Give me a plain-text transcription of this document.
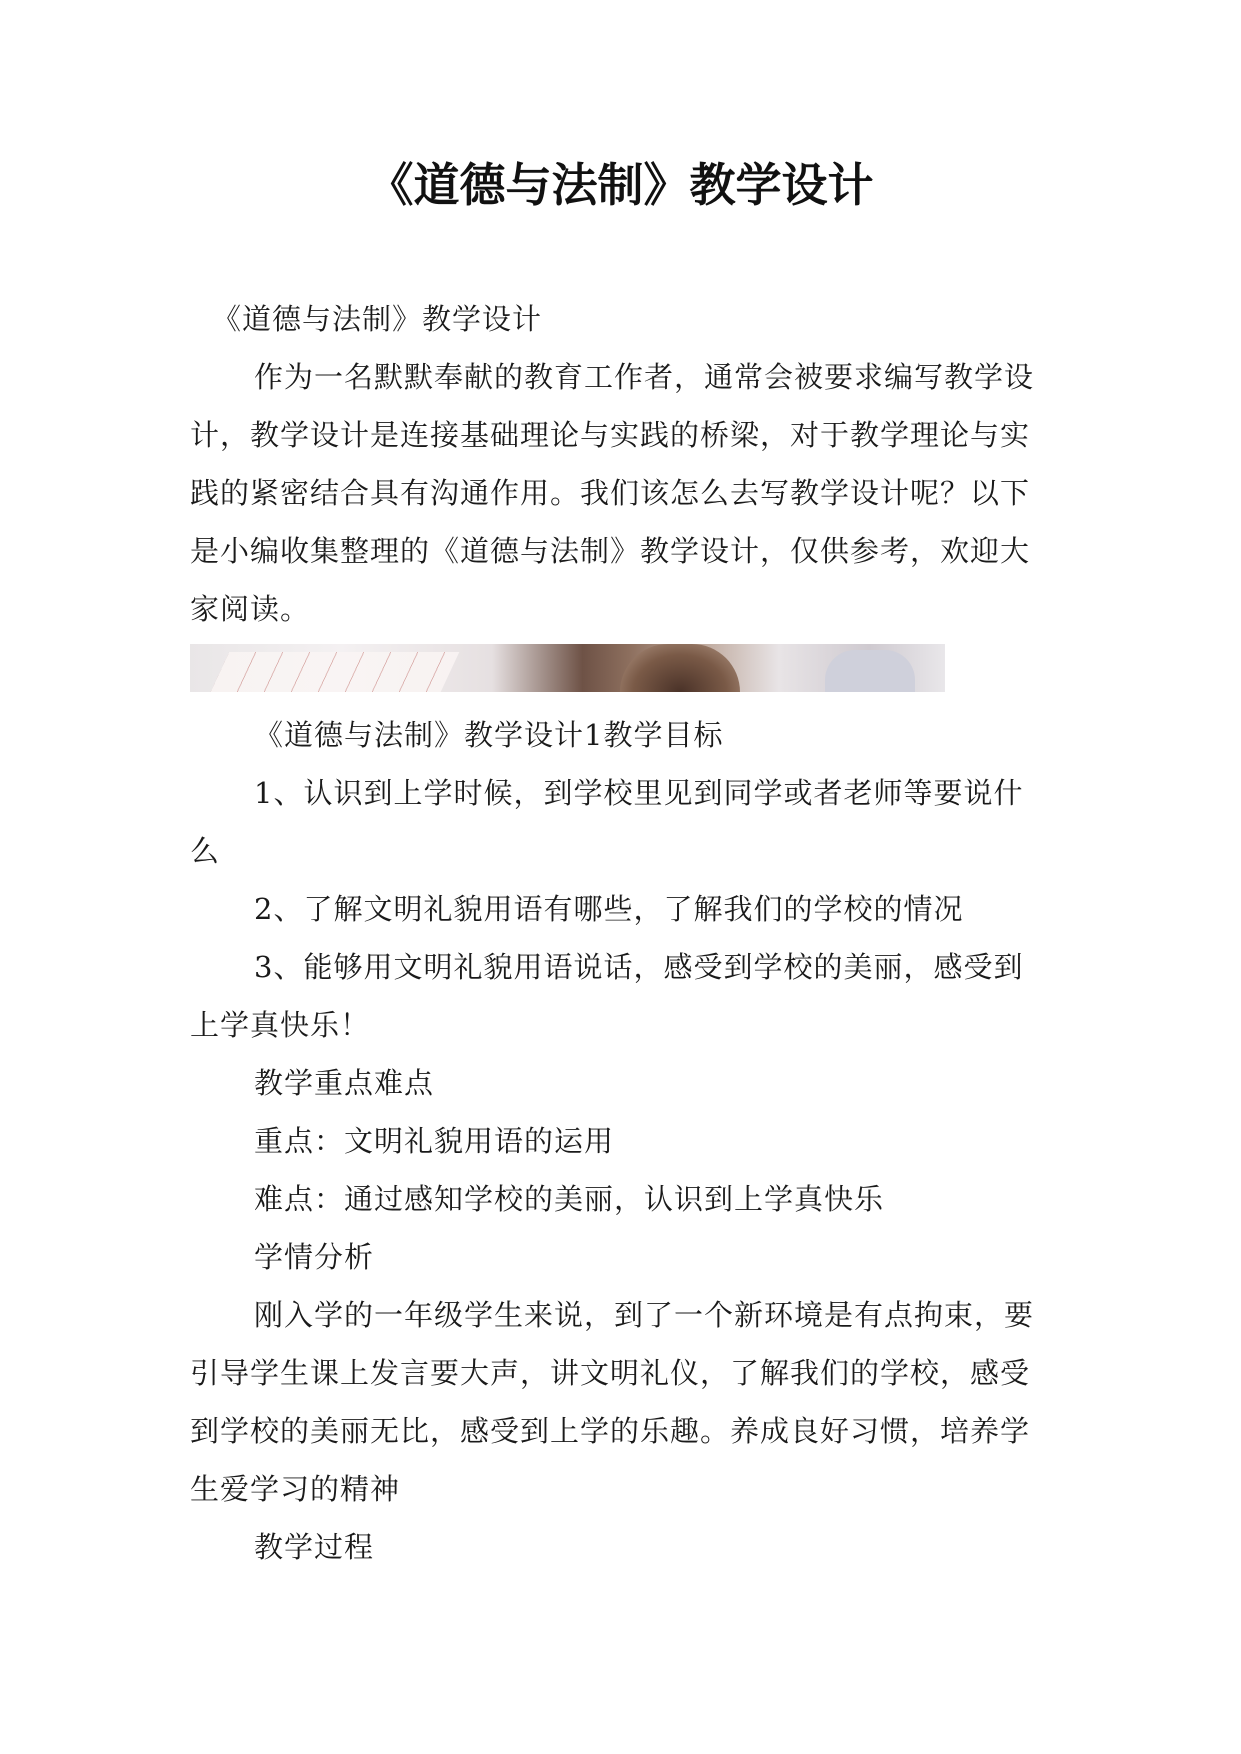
《道德与法制》教学设计

《道德与法制》教学设计

作为一名默默奉献的教育工作者，通常会被要求编写教学设计，教学设计是连接基础理论与实践的桥梁，对于教学理论与实践的紧密结合具有沟通作用。我们该怎么去写教学设计呢？以下是小编收集整理的《道德与法制》教学设计，仅供参考，欢迎大家阅读。

《道德与法制》教学设计1教学目标

1、认识到上学时候，到学校里见到同学或者老师等要说什么

2、了解文明礼貌用语有哪些，了解我们的学校的情况

3、能够用文明礼貌用语说话，感受到学校的美丽，感受到上学真快乐！

教学重点难点

重点：文明礼貌用语的运用

难点：通过感知学校的美丽，认识到上学真快乐

学情分析

刚入学的一年级学生来说，到了一个新环境是有点拘束，要引导学生课上发言要大声，讲文明礼仪，了解我们的学校，感受到学校的美丽无比，感受到上学的乐趣。养成良好习惯，培养学生爱学习的精神

教学过程
